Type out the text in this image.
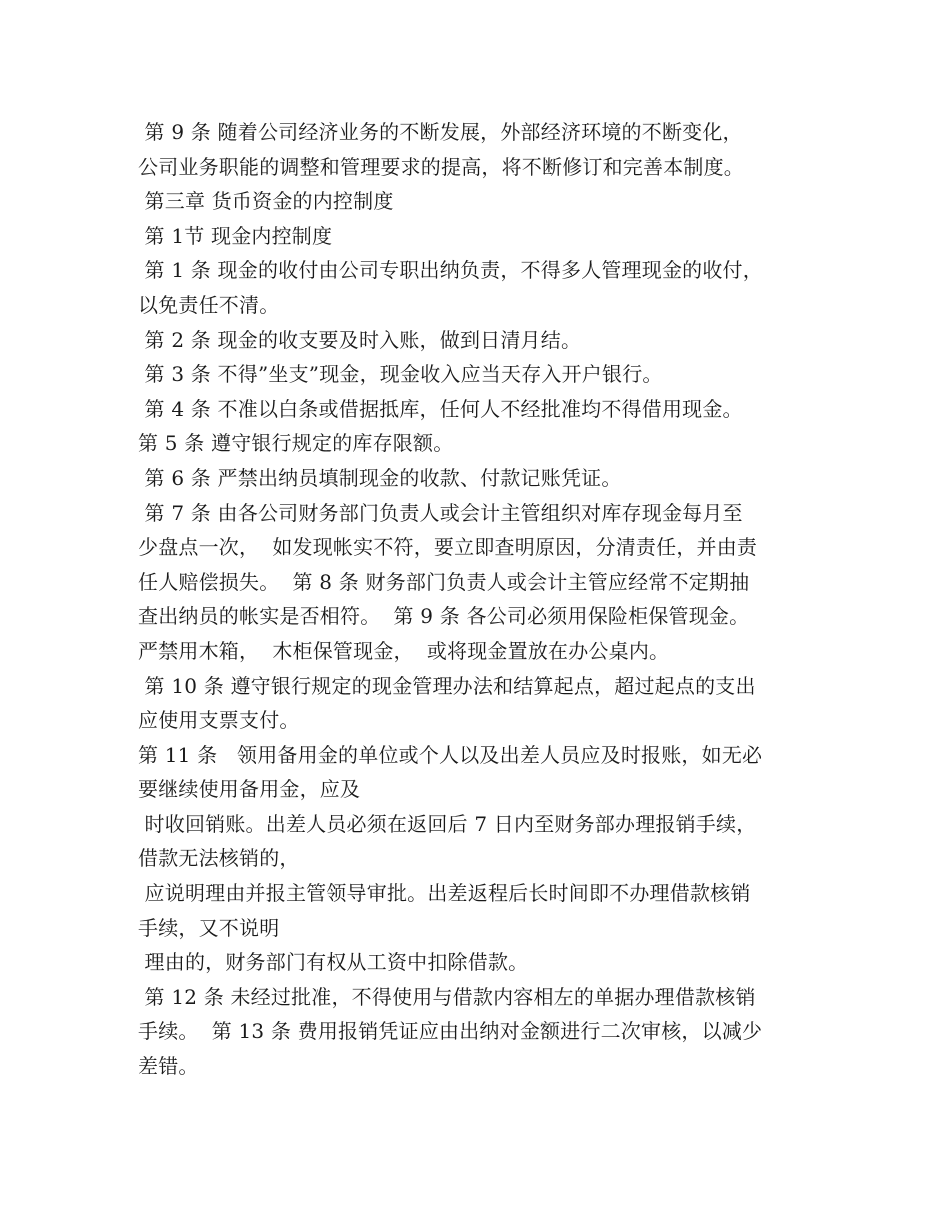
第 9 条 随着公司经济业务的不断发展，外部经济环境的不断变化，
公司业务职能的调整和管理要求的提高，将不断修订和完善本制度。
第三章 货币资金的内控制度
第 1节 现金内控制度
第 1 条 现金的收付由公司专职出纳负责，不得多人管理现金的收付，
以免责任不清。
第 2 条 现金的收支要及时入账，做到日清月结。
第 3 条 不得”坐支”现金，现金收入应当天存入开户银行。
第 4 条 不准以白条或借据抵库，任何人不经批准均不得借用现金。
第 5 条 遵守银行规定的库存限额。
第 6 条 严禁出纳员填制现金的收款、付款记账凭证。
第 7 条 由各公司财务部门负责人或会计主管组织对库存现金每月至
少盘点一次，  如发现帐实不符，要立即查明原因，分清责任，并由责
任人赔偿损失。  第 8 条 财务部门负责人或会计主管应经常不定期抽
查出纳员的帐实是否相符。  第 9 条 各公司必须用保险柜保管现金。
严禁用木箱，  木柜保管现金，  或将现金置放在办公桌内。
第 10 条 遵守银行规定的现金管理办法和结算起点，超过起点的支出
应使用支票支付。
第 11 条   领用备用金的单位或个人以及出差人员应及时报账，如无必
要继续使用备用金，应及
时收回销账。出差人员必须在返回后 7 日内至财务部办理报销手续，
借款无法核销的，
应说明理由并报主管领导审批。出差返程后长时间即不办理借款核销
手续，又不说明
理由的，财务部门有权从工资中扣除借款。
第 12 条 未经过批准，不得使用与借款内容相左的单据办理借款核销
手续。  第 13 条 费用报销凭证应由出纳对金额进行二次审核，以减少
差错。
